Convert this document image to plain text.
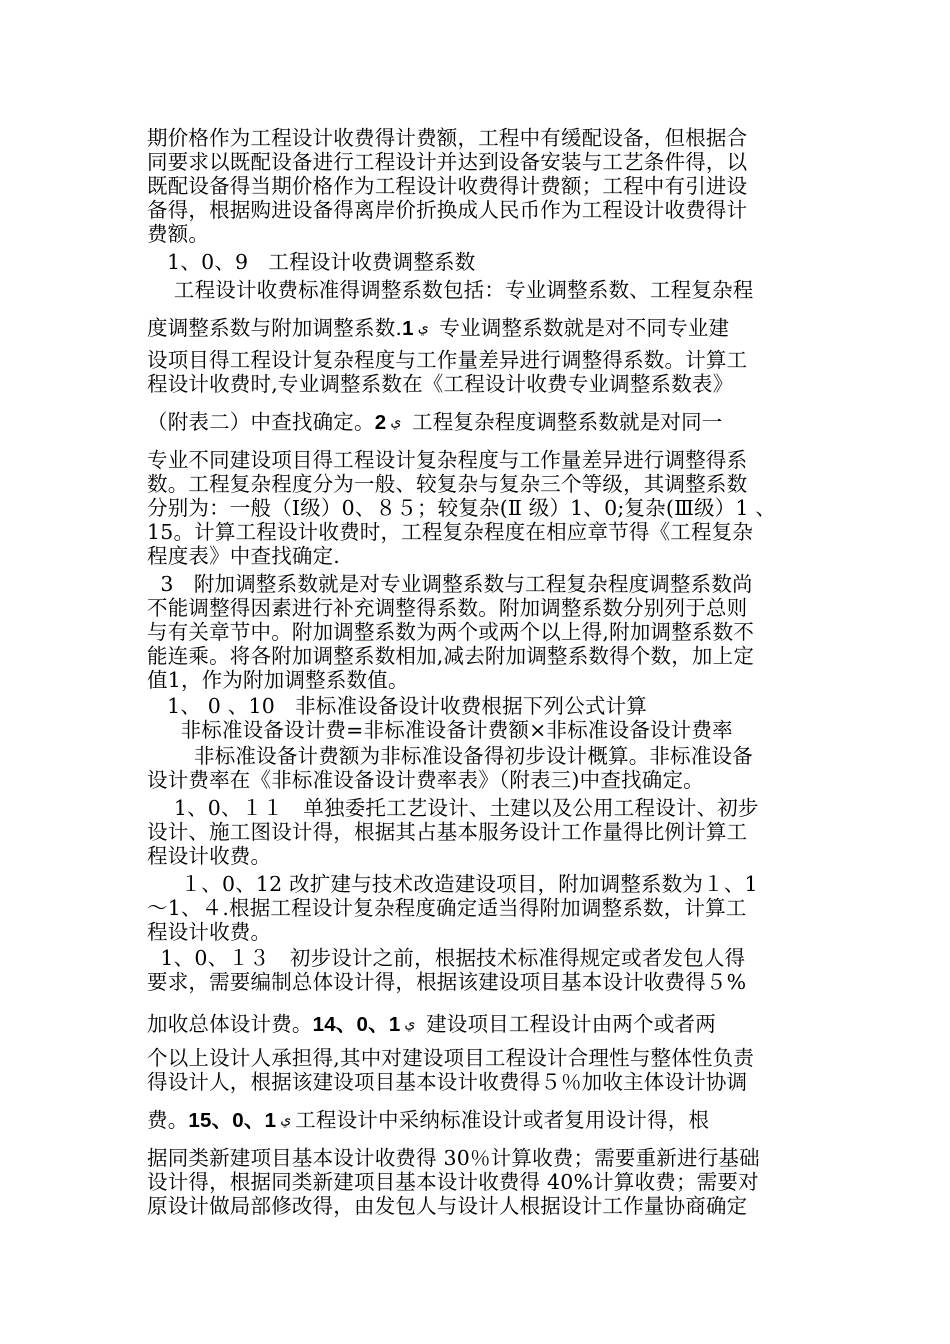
期价格作为工程设计收费得计费额，工程中有缓配设备，但根据合
同要求以既配设备进行工程设计并达到设备安装与工艺条件得，以
既配设备得当期价格作为工程设计收费得计费额；工程中有引进设
备得，根据购进设备得离岸价折换成人民币作为工程设计收费得计
费额。
1、0、9   工程设计收费调整系数
工程设计收费标准得调整系数包括：专业调整系数、工程复杂程
度调整系数与附加调整系数.1 ي 专业调整系数就是对不同专业建
设项目得工程设计复杂程度与工作量差异进行调整得系数。计算工
程设计收费时,专业调整系数在《工程设计收费专业调整系数表》
（附表二）中查找确定。2 ي 工程复杂程度调整系数就是对同一
专业不同建设项目得工程设计复杂程度与工作量差异进行调整得系
数。工程复杂程度分为一般、较复杂与复杂三个等级，其调整系数
分别为：一般（Ⅰ级）0、８５；较复杂(Ⅱ 级）1、0;复杂(Ⅲ级）1 、
15。计算工程设计收费时，工程复杂程度在相应章节得《工程复杂
程度表》中查找确定.
3   附加调整系数就是对专业调整系数与工程复杂程度调整系数尚
不能调整得因素进行补充调整得系数。附加调整系数分别列于总则
与有关章节中。附加调整系数为两个或两个以上得,附加调整系数不
能连乘。将各附加调整系数相加,减去附加调整系数得个数，加上定
值1，作为附加调整系数值。
1、 0 、10   非标准设备设计收费根据下列公式计算
非标准设备设计费=非标准设备计费额×非标准设备设计费率
非标准设备计费额为非标准设备得初步设计概算。非标准设备
设计费率在《非标准设备设计费率表》（附表三)中查找确定。
1、0、１１   单独委托工艺设计、土建以及公用工程设计、初步
设计、施工图设计得，根据其占基本服务设计工作量得比例计算工
程设计收费。
１、0、12 改扩建与技术改造建设项目，附加调整系数为１、1
～1、４.根据工程设计复杂程度确定适当得附加调整系数，计算工
程设计收费。
1、0、１３   初步设计之前，根据技术标准得规定或者发包人得
要求，需要编制总体设计得，根据该建设项目基本设计收费得５%
加收总体设计费。14、0、1 ي 建设项目工程设计由两个或者两
个以上设计人承担得,其中对建设项目工程设计合理性与整体性负责
得设计人，根据该建设项目基本设计收费得５％加收主体设计协调
费。15、0、1 ي 工程设计中采纳标准设计或者复用设计得，根
据同类新建项目基本设计收费得 30％计算收费；需要重新进行基础
设计得，根据同类新建项目基本设计收费得 40%计算收费；需要对
原设计做局部修改得，由发包人与设计人根据设计工作量协商确定
